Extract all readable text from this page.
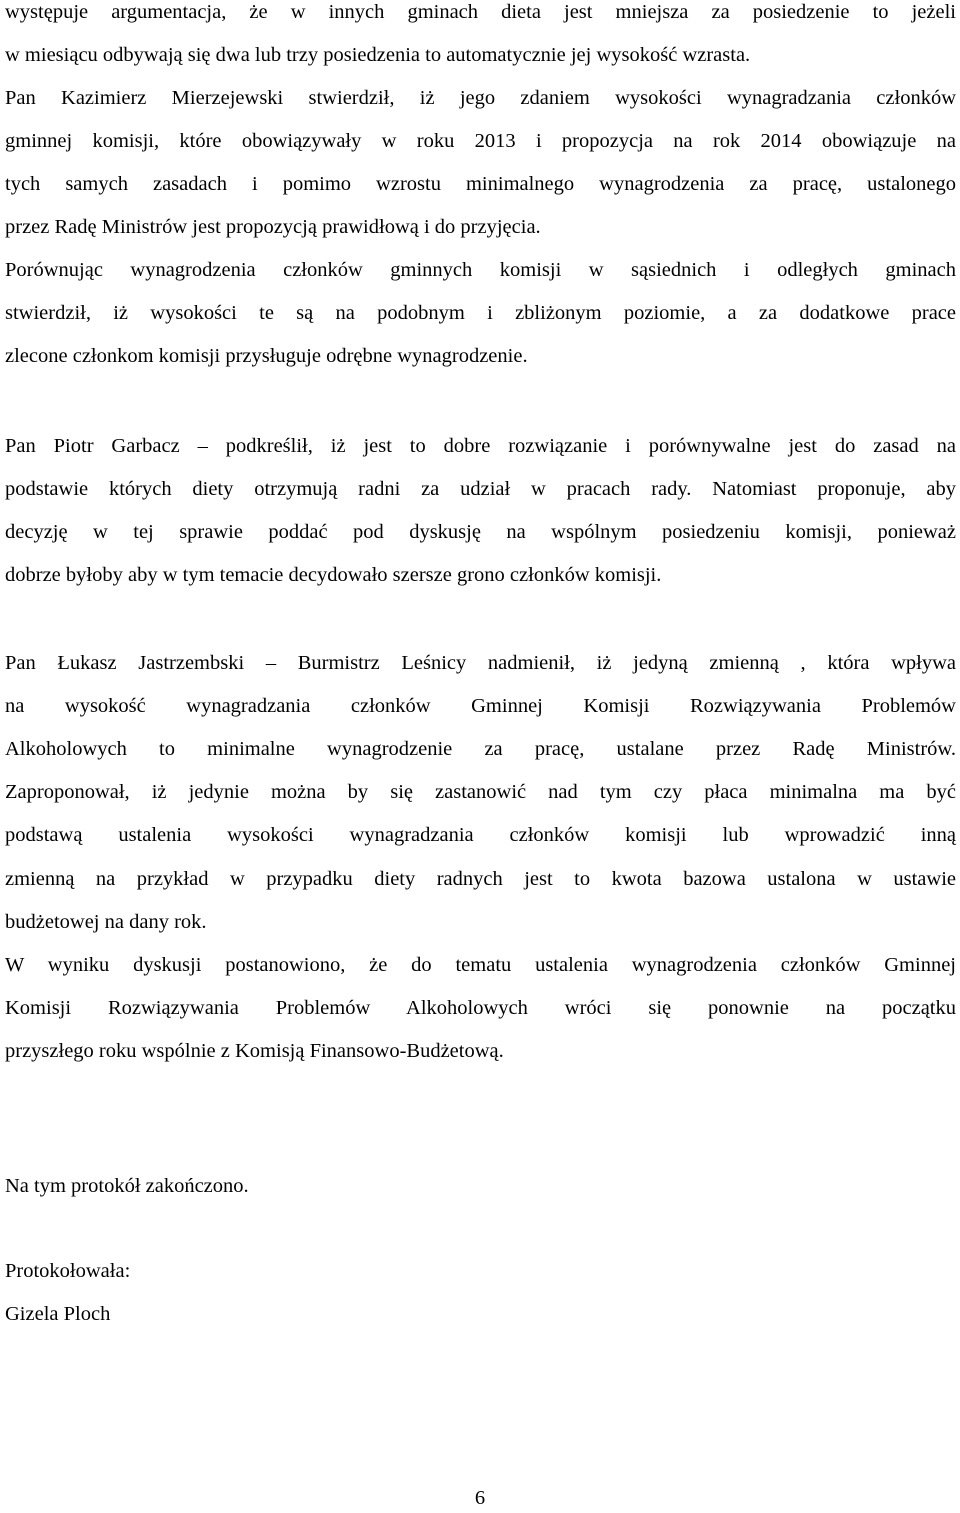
występuje argumentacja, że w innych gminach dieta jest mniejsza za posiedzenie to jeżeli
w miesiącu odbywają się dwa lub trzy posiedzenia to automatycznie jej wysokość wzrasta.
Pan Kazimierz Mierzejewski stwierdził, iż jego zdaniem wysokości wynagradzania członków
gminnej komisji, które obowiązywały w roku 2013 i propozycja na rok 2014 obowiązuje na
tych samych zasadach i pomimo wzrostu minimalnego wynagrodzenia za pracę, ustalonego
przez Radę Ministrów jest propozycją prawidłową i do przyjęcia.
Porównując wynagrodzenia członków gminnych komisji w sąsiednich i odległych gminach
stwierdził, iż wysokości te są na podobnym i zbliżonym poziomie, a za dodatkowe prace
zlecone członkom komisji przysługuje odrębne wynagrodzenie.
Pan Piotr Garbacz – podkreślił, iż jest to dobre rozwiązanie i porównywalne jest do zasad na
podstawie których diety otrzymują radni za udział w pracach rady. Natomiast proponuje, aby
decyzję w tej sprawie poddać pod dyskusję na wspólnym posiedzeniu komisji, ponieważ
dobrze byłoby aby w tym temacie decydowało szersze grono członków komisji.
Pan Łukasz Jastrzembski – Burmistrz Leśnicy nadmienił, iż jedyną zmienną , która wpływa
na wysokość wynagradzania członków Gminnej Komisji Rozwiązywania Problemów
Alkoholowych to minimalne wynagrodzenie za pracę, ustalane przez Radę Ministrów.
Zaproponował, iż jedynie można by się zastanowić nad tym czy płaca minimalna ma być
podstawą ustalenia wysokości wynagradzania członków komisji lub wprowadzić inną
zmienną na przykład w przypadku diety radnych jest to kwota bazowa ustalona w ustawie
budżetowej na dany rok.
W wyniku dyskusji postanowiono, że do tematu ustalenia wynagrodzenia członków Gminnej
Komisji Rozwiązywania Problemów Alkoholowych wróci się ponownie na początku
przyszłego roku wspólnie z Komisją Finansowo-Budżetową.
Na tym protokół zakończono.
Protokołowała:
Gizela Ploch
6
